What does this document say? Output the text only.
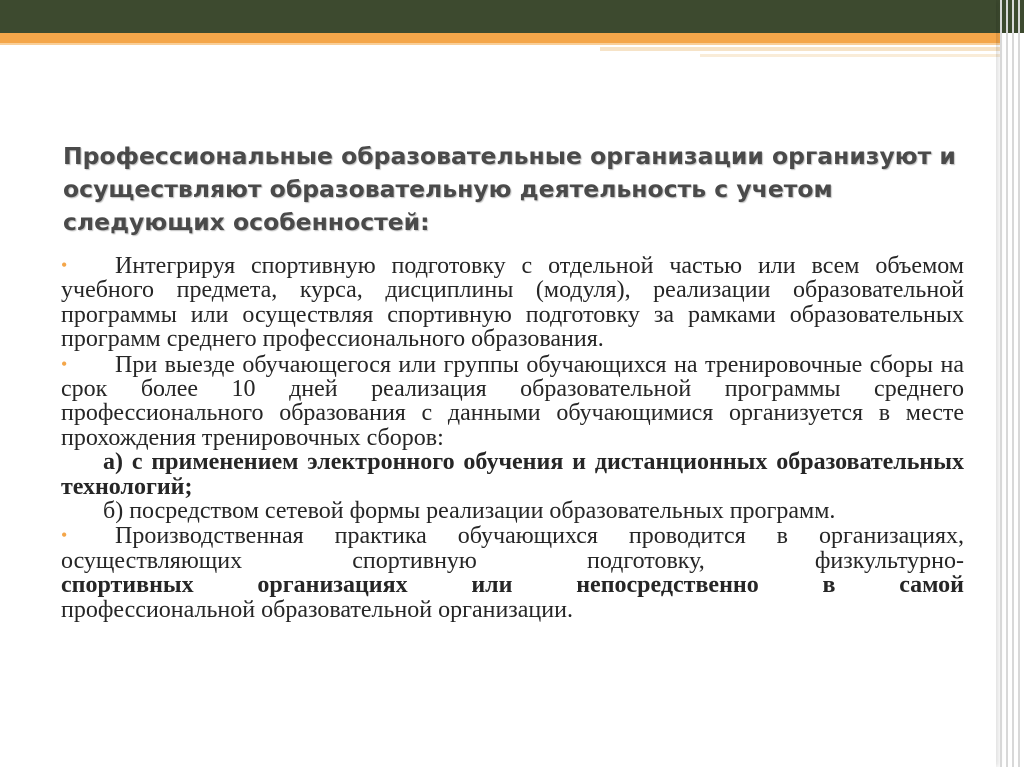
Профессиональные образовательные организации организуют и осуществляют образовательную деятельность с учетом следующих особенностей:

• Интегрируя спортивную подготовку с отдельной частью или всем объемом учебного предмета, курса, дисциплины (модуля), реализации образовательной программы или осуществляя спортивную подготовку за рамками образовательных программ среднего профессионального образования.

• При выезде обучающегося или группы обучающихся на тренировочные сборы на срок более 10 дней реализация образовательной программы среднего профессионального образования с данными обучающимися организуется в месте прохождения тренировочных сборов:

а) с применением электронного обучения и дистанционных образовательных технологий;

б) посредством сетевой формы реализации образовательных программ.

• Производственная практика обучающихся проводится в организациях, осуществляющих спортивную подготовку, физкультурно-

спортивных организациях или непосредственно в самой

профессиональной образовательной организации.
